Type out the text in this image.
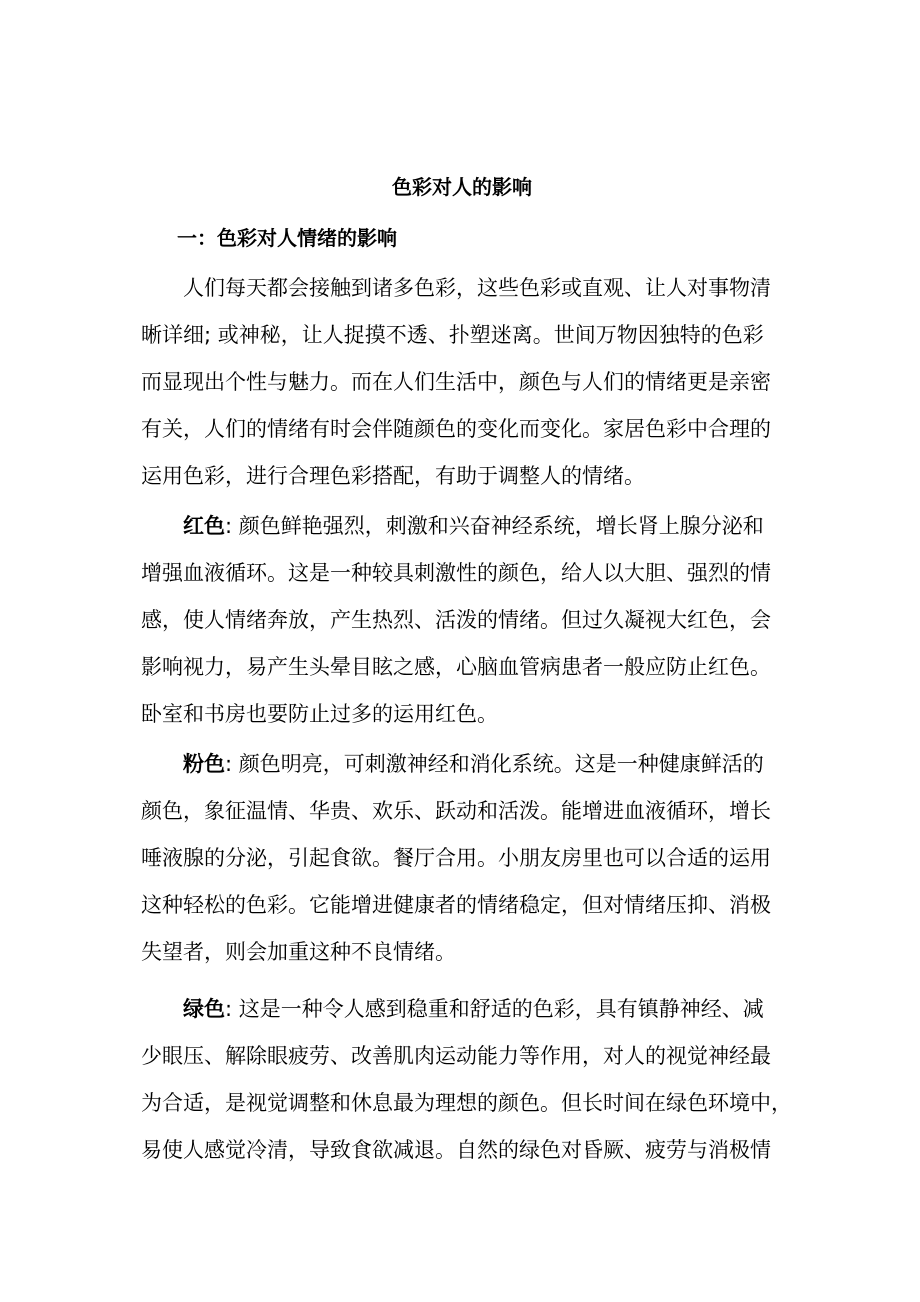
色彩对人的影响
一：色彩对人情绪的影响
人们每天都会接触到诸多色彩，这些色彩或直观、让人对事物清
晰详细; 或神秘，让人捉摸不透、扑塑迷离。世间万物因独特的色彩
而显现出个性与魅力。而在人们生活中，颜色与人们的情绪更是亲密
有关，人们的情绪有时会伴随颜色的变化而变化。家居色彩中合理的
运用色彩，进行合理色彩搭配，有助于调整人的情绪。
红色: 颜色鲜艳强烈，刺激和兴奋神经系统，增长肾上腺分泌和
增强血液循环。这是一种较具刺激性的颜色，给人以大胆、强烈的情
感，使人情绪奔放，产生热烈、活泼的情绪。但过久凝视大红色，会
影响视力，易产生头晕目眩之感，心脑血管病患者一般应防止红色。
卧室和书房也要防止过多的运用红色。
粉色: 颜色明亮，可刺激神经和消化系统。这是一种健康鲜活的
颜色，象征温情、华贵、欢乐、跃动和活泼。能增进血液循环，增长
唾液腺的分泌，引起食欲。餐厅合用。小朋友房里也可以合适的运用
这种轻松的色彩。它能增进健康者的情绪稳定，但对情绪压抑、消极
失望者，则会加重这种不良情绪。
绿色: 这是一种令人感到稳重和舒适的色彩，具有镇静神经、减
少眼压、解除眼疲劳、改善肌肉运动能力等作用，对人的视觉神经最
为合适，是视觉调整和休息最为理想的颜色。但长时间在绿色环境中，
易使人感觉冷清，导致食欲减退。自然的绿色对昏厥、疲劳与消极情
